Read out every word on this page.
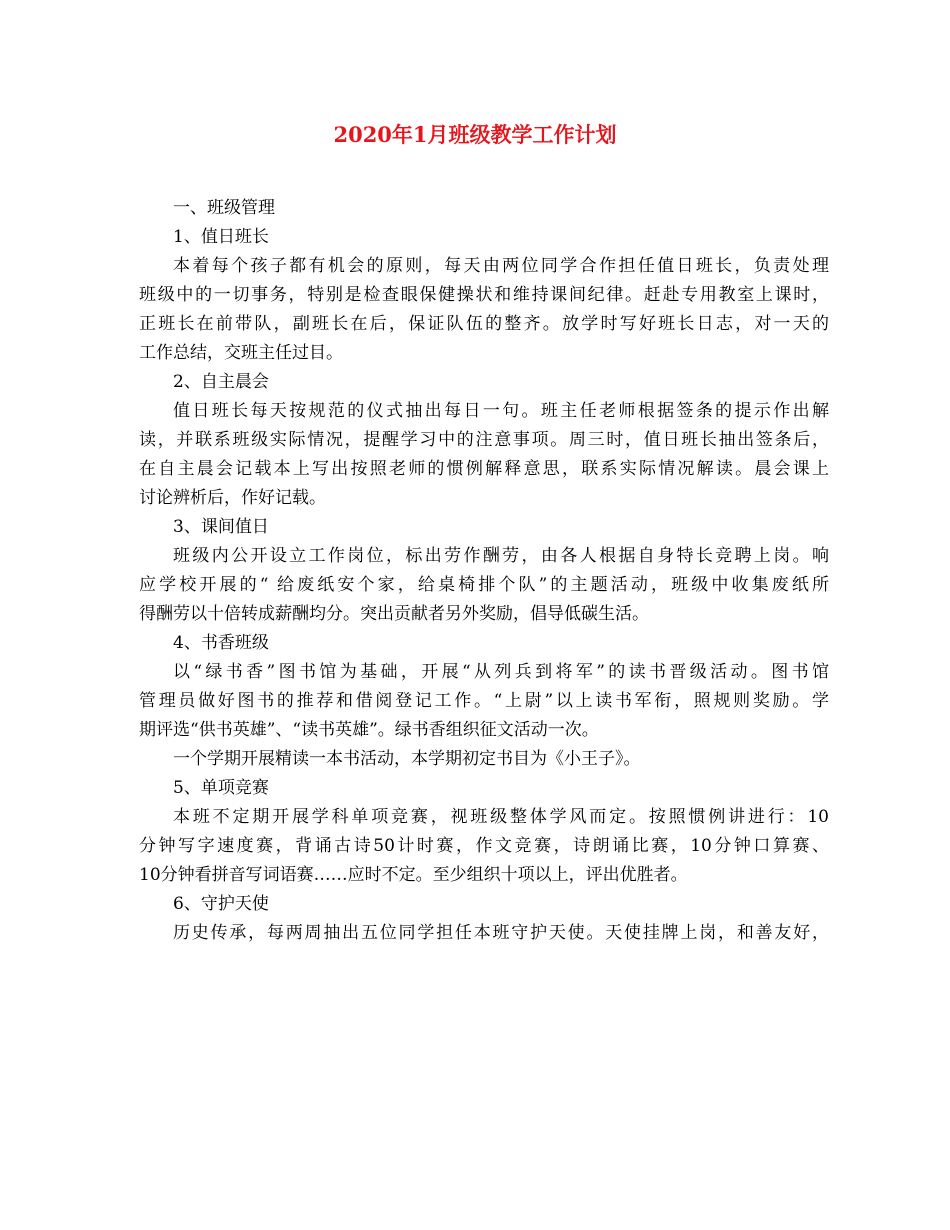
2020年1月班级教学工作计划
一、班级管理
1、值日班长
本着每个孩子都有机会的原则，每天由两位同学合作担任值日班长，负责处理
班级中的一切事务，特别是检查眼保健操状和维持课间纪律。赶赴专用教室上课时，
正班长在前带队，副班长在后，保证队伍的整齐。放学时写好班长日志，对一天的
工作总结，交班主任过目。
2、自主晨会
值日班长每天按规范的仪式抽出每日一句。班主任老师根据签条的提示作出解
读，并联系班级实际情况，提醒学习中的注意事项。周三时，值日班长抽出签条后，
在自主晨会记载本上写出按照老师的惯例解释意思，联系实际情况解读。晨会课上
讨论辨析后，作好记载。
3、课间值日
班级内公开设立工作岗位，标出劳作酬劳，由各人根据自身特长竞聘上岗。响
应学校开展的“ 给废纸安个家，给桌椅排个队”的主题活动，班级中收集废纸所
得酬劳以十倍转成薪酬均分。突出贡献者另外奖励，倡导低碳生活。
4、书香班级
以“绿书香”图书馆为基础，开展“从列兵到将军”的读书晋级活动。图书馆
管理员做好图书的推荐和借阅登记工作。“上尉”以上读书军衔，照规则奖励。学
期评选“供书英雄”、“读书英雄”。绿书香组织征文活动一次。
一个学期开展精读一本书活动，本学期初定书目为《小王子》。
5、单项竞赛
本班不定期开展学科单项竞赛，视班级整体学风而定。按照惯例讲进行：10
分钟写字速度赛，背诵古诗50计时赛，作文竞赛，诗朗诵比赛，10分钟口算赛、
10分钟看拼音写词语赛……应时不定。至少组织十项以上，评出优胜者。
6、守护天使
历史传承，每两周抽出五位同学担任本班守护天使。天使挂牌上岗，和善友好，
